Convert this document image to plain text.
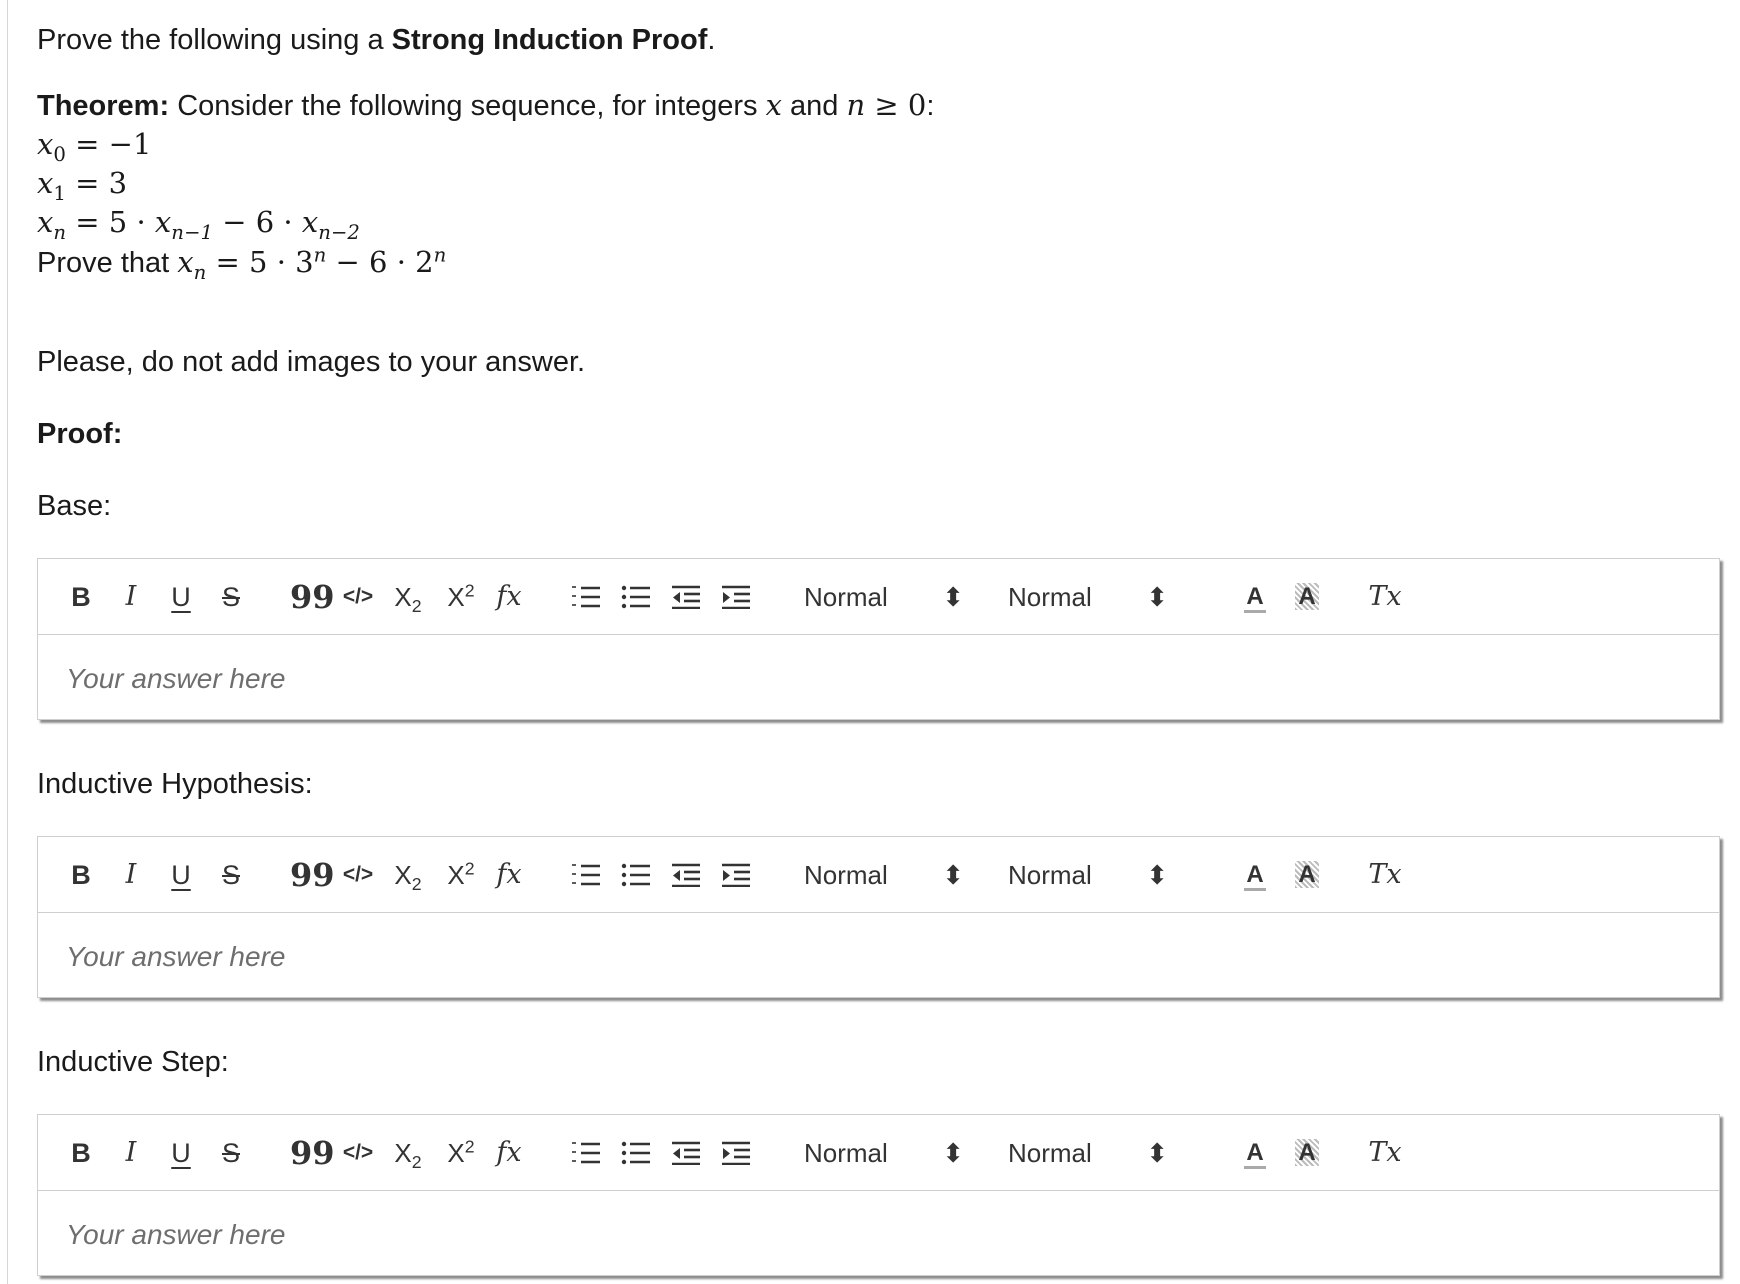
Prove the following using a Strong Induction Proof.

Theorem: Consider the following sequence, for integers x and n ≥ 0:

$x_0 = -1$

$x_1 = 3$

$x_n = 5 \cdot x_{n-1} - 6 \cdot x_{n-2}$

Prove that $x_n = 5 \cdot 3^n - 6 \cdot 2^n$

Please, do not add images to your answer.

Proof:

Base:
B	I	U S 99 </> $X_2$ $X^2$ fx	Normal ⬍ Normal ⬍	A	A	Tx
Your answer here
Inductive Hypothesis:
B	I	U S 99 </> $X_2$ $X^2$ fx	Normal ⬍ Normal ⬍	A	A	Tx
Your answer here
Inductive Step:
B	I	U S 99 </> $X_2$ $X^2$ fx	Normal ⬍ Normal ⬍	A	A	Tx
Your answer here
